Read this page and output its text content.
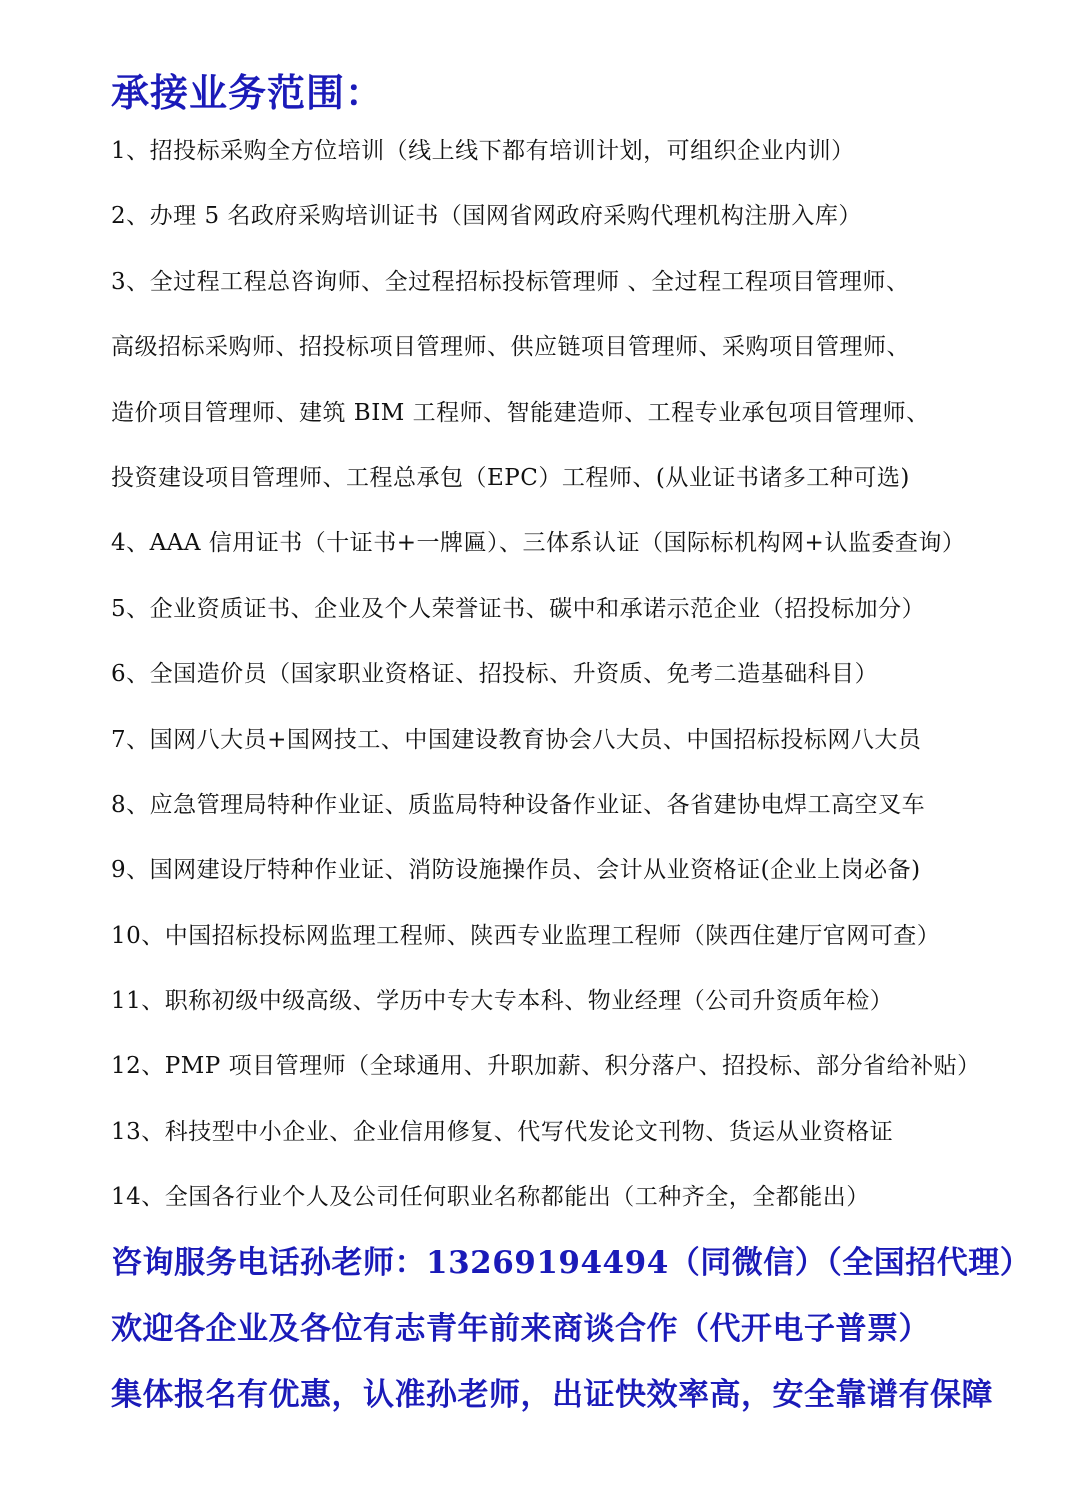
承接业务范围：
1、招投标采购全方位培训（线上线下都有培训计划，可组织企业内训）
2、办理 5 名政府采购培训证书（国网省网政府采购代理机构注册入库）
3、全过程工程总咨询师、全过程招标投标管理师 、全过程工程项目管理师、
高级招标采购师、招投标项目管理师、供应链项目管理师、采购项目管理师、
造价项目管理师、建筑 BIM 工程师、智能建造师、工程专业承包项目管理师、
投资建设项目管理师、工程总承包（EPC）工程师、(从业证书诸多工种可选)
4、AAA 信用证书（十证书+一牌匾）、三体系认证（国际标机构网+认监委查询）
5、企业资质证书、企业及个人荣誉证书、碳中和承诺示范企业（招投标加分）
6、全国造价员（国家职业资格证、招投标、升资质、免考二造基础科目）
7、国网八大员+国网技工、中国建设教育协会八大员、中国招标投标网八大员
8、应急管理局特种作业证、质监局特种设备作业证、各省建协电焊工高空叉车
9、国网建设厅特种作业证、消防设施操作员、会计从业资格证(企业上岗必备)
10、中国招标投标网监理工程师、陕西专业监理工程师（陕西住建厅官网可查）
11、职称初级中级高级、学历中专大专本科、物业经理（公司升资质年检）
12、PMP 项目管理师（全球通用、升职加薪、积分落户、招投标、部分省给补贴）
13、科技型中小企业、企业信用修复、代写代发论文刊物、货运从业资格证
14、全国各行业个人及公司任何职业名称都能出（工种齐全，全都能出）
咨询服务电话孙老师：13269194494（同微信）（全国招代理）
欢迎各企业及各位有志青年前来商谈合作（代开电子普票）
集体报名有优惠，认准孙老师，出证快效率高，安全靠谱有保障
